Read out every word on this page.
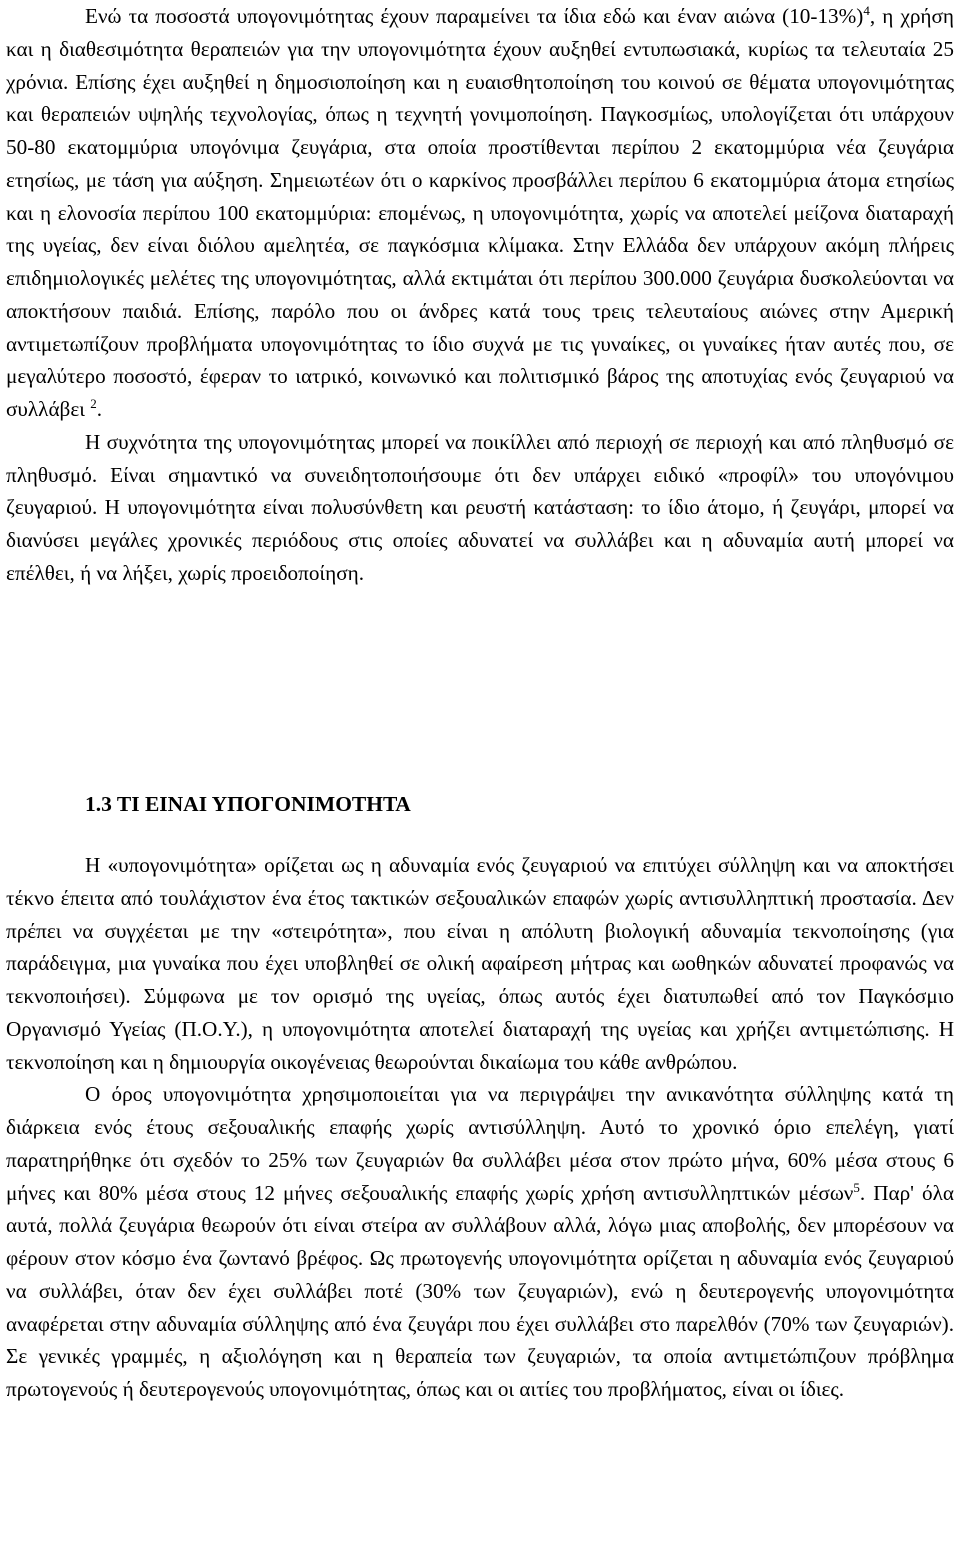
Ενώ τα ποσοστά υπογονιμότητας έχουν παραμείνει τα ίδια εδώ και έναν αιώνα $(10-13\%)^4$, η χρήση και η διαθεσιμότητα θεραπειών για την υπογονιμότητα έχουν αυξηθεί εντυπωσιακά, κυρίως τα τελευταία 25 χρόνια. Επίσης έχει αυξηθεί η δημοσιοποίηση και η ευαισθητοποίηση του κοινού σε θέματα υπογονιμότητας και θεραπειών υψηλής τεχνολογίας, όπως η τεχνητή γονιμοποίηση. Παγκοσμίως, υπολογίζεται ότι υπάρχουν 50-80 εκατομμύρια υπογόνιμα ζευγάρια, στα οποία προστίθενται περίπου 2 εκατομμύρια νέα ζευγάρια ετησίως, με τάση για αύξηση. Σημειωτέων ότι ο καρκίνος προσβάλλει περίπου 6 εκατομμύρια άτομα ετησίως και η ελονοσία περίπου 100 εκατομμύρια: επομένως, η υπογονιμότητα, χωρίς να αποτελεί μείζονα διαταραχή της υγείας, δεν είναι διόλου αμελητέα, σε παγκόσμια κλίμακα. Στην Ελλάδα δεν υπάρχουν ακόμη πλήρεις επιδημιολογικές μελέτες της υπογονιμότητας, αλλά εκτιμάται ότι περίπου 300.000 ζευγάρια δυσκολεύονται να αποκτήσουν παιδιά. Επίσης, παρόλο που οι άνδρες κατά τους τρεις τελευταίους αιώνες στην Αμερική αντιμετωπίζουν προβλήματα υπογονιμότητας το ίδιο συχνά με τις γυναίκες, οι γυναίκες ήταν αυτές που, σε μεγαλύτερο ποσοστό, έφεραν το ιατρικό, κοινωνικό και πολιτισμικό βάρος της αποτυχίας ενός ζευγαριού να συλλάβει $^2$.

Η συχνότητα της υπογονιμότητας μπορεί να ποικίλλει από περιοχή σε περιοχή και από πληθυσμό σε πληθυσμό. Είναι σημαντικό να συνειδητοποιήσουμε ότι δεν υπάρχει ειδικό «προφίλ» του υπογόνιμου ζευγαριού. Η υπογονιμότητα είναι πολυσύνθετη και ρευστή κατάσταση: το ίδιο άτομο, ή ζευγάρι, μπορεί να διανύσει μεγάλες χρονικές περιόδους στις οποίες αδυνατεί να συλλάβει και η αδυναμία αυτή μπορεί να επέλθει, ή να λήξει, χωρίς προειδοποίηση.

1.3 ΤΙ ΕΙΝΑΙ ΥΠΟΓΟΝΙΜΟΤΗΤΑ

Η «υπογονιμότητα» ορίζεται ως η αδυναμία ενός ζευγαριού να επιτύχει σύλληψη και να αποκτήσει τέκνο έπειτα από τουλάχιστον ένα έτος τακτικών σεξουαλικών επαφών χωρίς αντισυλληπτική προστασία. Δεν πρέπει να συγχέεται με την «στειρότητα», που είναι η απόλυτη βιολογική αδυναμία τεκνοποίησης (για παράδειγμα, μια γυναίκα που έχει υποβληθεί σε ολική αφαίρεση μήτρας και ωοθηκών αδυνατεί προφανώς να τεκνοποιήσει). Σύμφωνα με τον ορισμό της υγείας, όπως αυτός έχει διατυπωθεί από τον Παγκόσμιο Οργανισμό Υγείας (Π.Ο.Υ.), η υπογονιμότητα αποτελεί διαταραχή της υγείας και χρήζει αντιμετώπισης. Η τεκνοποίηση και η δημιουργία οικογένειας θεωρούνται δικαίωμα του κάθε ανθρώπου.

Ο όρος υπογονιμότητα χρησιμοποιείται για να περιγράψει την ανικανότητα σύλληψης κατά τη διάρκεια ενός έτους σεξουαλικής επαφής χωρίς αντισύλληψη. Αυτό το χρονικό όριο επελέγη, γιατί παρατηρήθηκε ότι σχεδόν το 25% των ζευγαριών θα συλλάβει μέσα στον πρώτο μήνα, 60% μέσα στους 6 μήνες και 80% μέσα στους 12 μήνες σεξουαλικής επαφής χωρίς χρήση αντισυλληπτικών μέσων$^5$. Παρ' όλα αυτά, πολλά ζευγάρια θεωρούν ότι είναι στείρα αν συλλάβουν αλλά, λόγω μιας αποβολής, δεν μπορέσουν να φέρουν στον κόσμο ένα ζωντανό βρέφος. Ως πρωτογενής υπογονιμότητα ορίζεται η αδυναμία ενός ζευγαριού να συλλάβει, όταν δεν έχει συλλάβει ποτέ (30% των ζευγαριών), ενώ η δευτερογενής υπογονιμότητα αναφέρεται στην αδυναμία σύλληψης από ένα ζευγάρι που έχει συλλάβει στο παρελθόν (70% των ζευγαριών). Σε γενικές γραμμές, η αξιολόγηση και η θεραπεία των ζευγαριών, τα οποία αντιμετώπιζουν πρόβλημα πρωτογενούς ή δευτερογενούς υπογονιμότητας, όπως και οι αιτίες του προβλήματος, είναι οι ίδιες.
